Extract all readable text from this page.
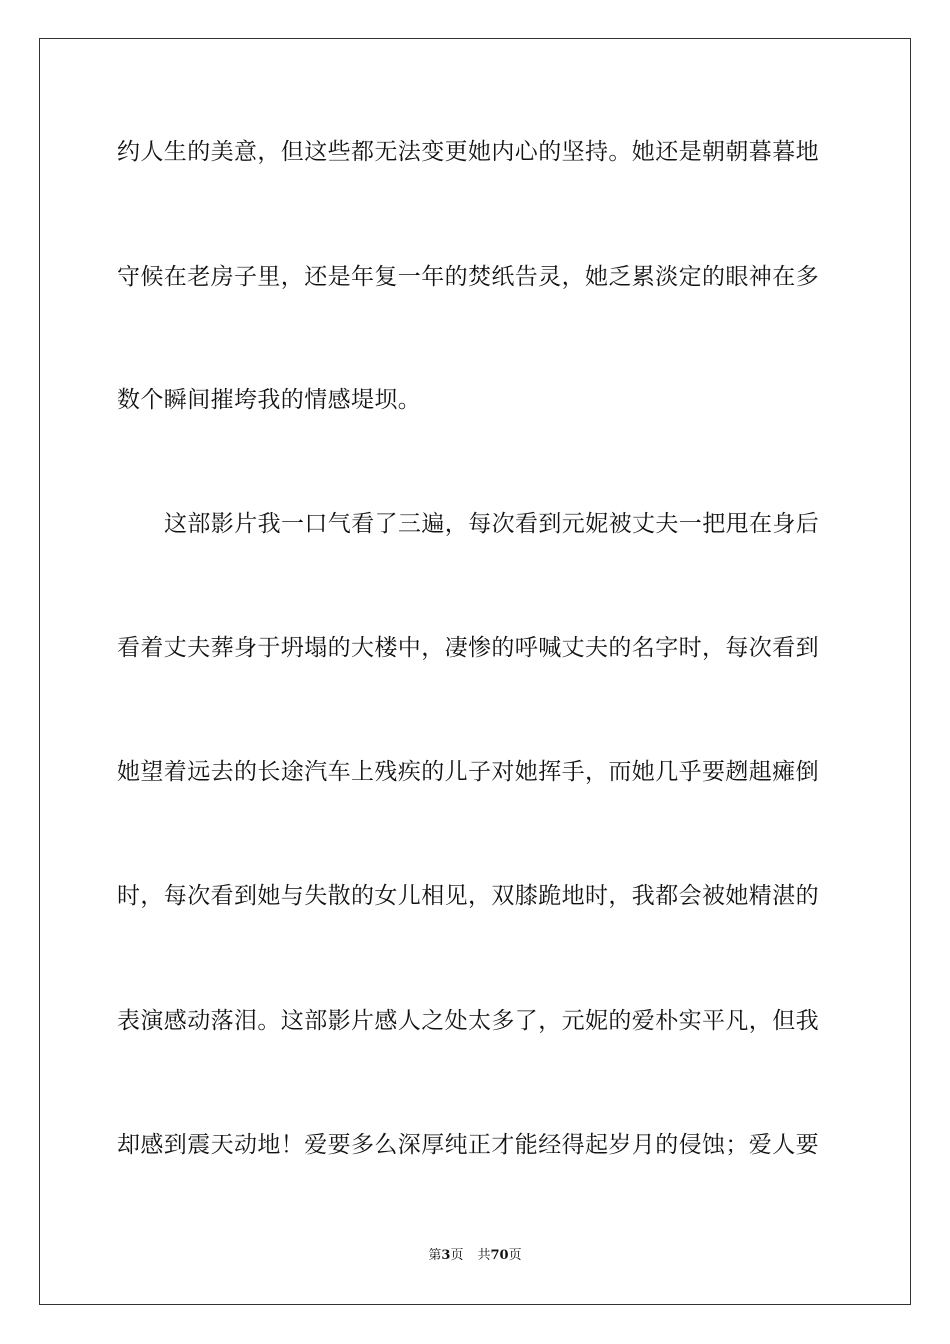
约人生的美意，但这些都无法变更她内心的坚持。她还是朝朝暮暮地
守候在老房子里，还是年复一年的焚纸告灵，她乏累淡定的眼神在多
数个瞬间摧垮我的情感堤坝。
这部影片我一口气看了三遍，每次看到元妮被丈夫一把甩在身后
看着丈夫葬身于坍塌的大楼中，凄惨的呼喊丈夫的名字时，每次看到
她望着远去的长途汽车上残疾的儿子对她挥手，而她几乎要趔趄瘫倒
时，每次看到她与失散的女儿相见，双膝跪地时，我都会被她精湛的
表演感动落泪。这部影片感人之处太多了，元妮的爱朴实平凡，但我
却感到震天动地！爱要多么深厚纯正才能经得起岁月的侵蚀；爱人要
第3页 共70页
